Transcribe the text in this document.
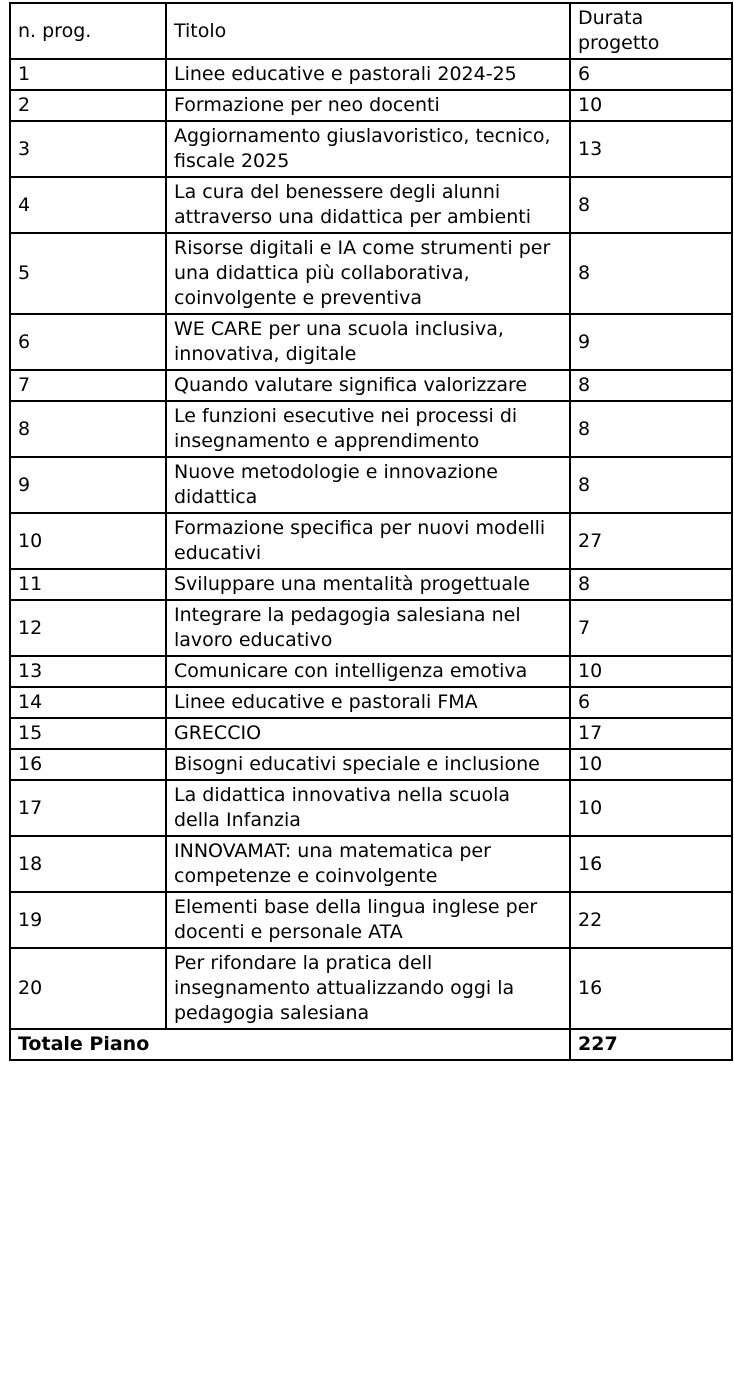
n. prog.	Titolo	Durata progetto
1	Linee educative e pastorali 2024-25	6
2	Formazione per neo docenti	10
3	Aggiornamento giuslavoristico, tecnico, fiscale 2025	13
4	La cura del benessere degli alunni attraverso una didattica per ambienti	8
5	Risorse digitali e IA come strumenti per una didattica più collaborativa, coinvolgente e preventiva	8
6	WE CARE per una scuola inclusiva, innovativa, digitale	9
7	Quando valutare significa valorizzare	8
8	Le funzioni esecutive nei processi di insegnamento e apprendimento	8
9	Nuove metodologie e innovazione didattica	8
10	Formazione specifica per nuovi modelli educativi	27
11	Sviluppare una mentalità progettuale	8
12	Integrare la pedagogia salesiana nel lavoro educativo	7
13	Comunicare con intelligenza emotiva	10
14	Linee educative e pastorali FMA	6
15	GRECCIO	17
16	Bisogni educativi speciale e inclusione	10
17	La didattica innovativa nella scuola della Infanzia	10
18	INNOVAMAT: una matematica per competenze e coinvolgente	16
19	Elementi base della lingua inglese per docenti e personale ATA	22
20	Per rifondare la pratica dell insegnamento attualizzando oggi la pedagogia salesiana	16
Totale Piano		227
